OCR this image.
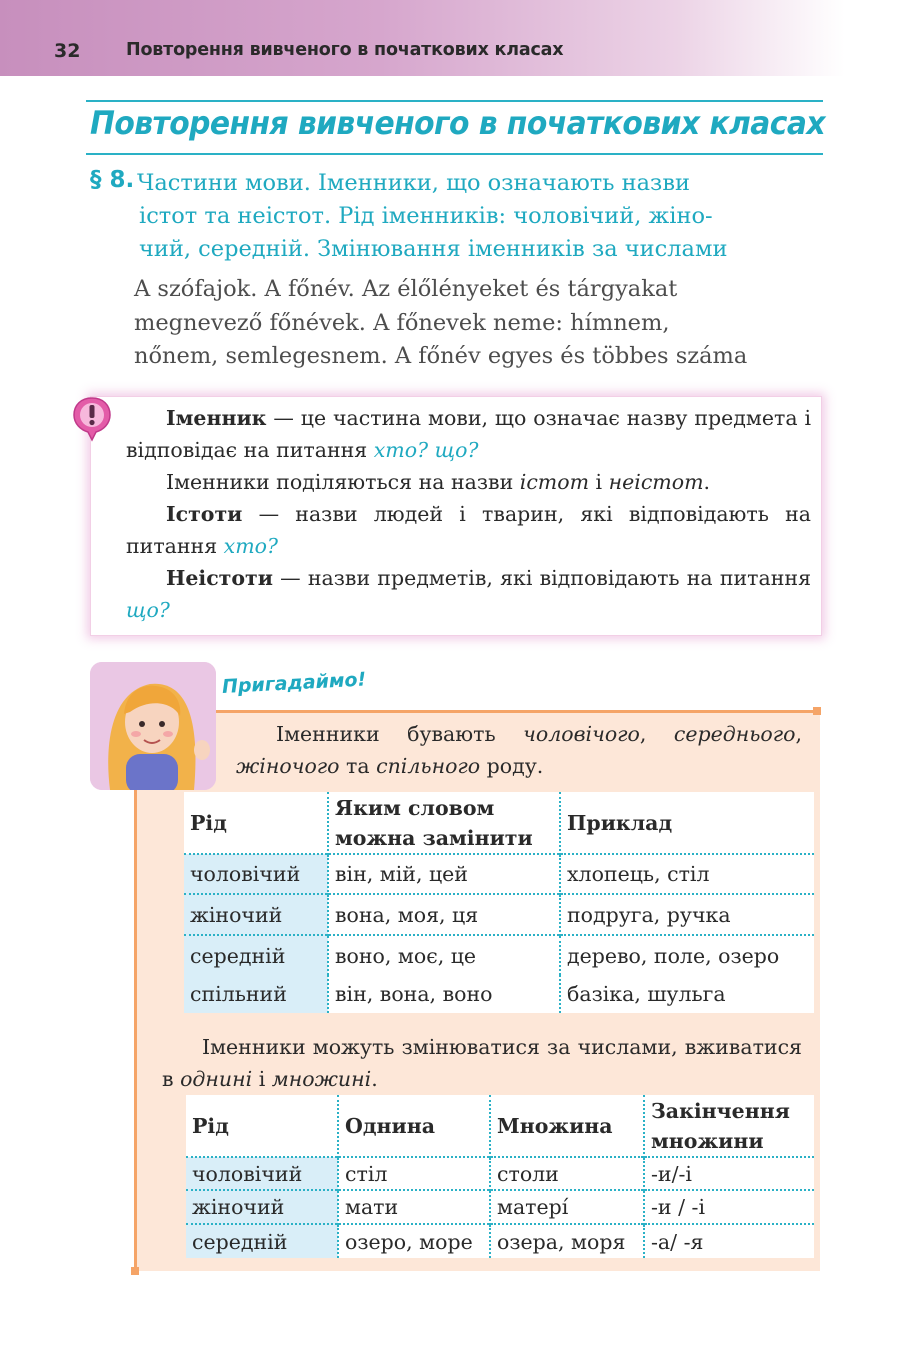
32	Повторення вивченого в початкових класах
Повторення вивченого в початкових класах
§ 8. Частини мови. Іменники, що означають назви
істот та неістот. Рід іменників: чоловічий, жіно-
чий, середній. Змінювання іменників за числами
A szófajok. A főnév. Az élőlényeket és tárgyakat
megnevező főnévek. A főnevek neme: hímnem,
nőnem, semlegesnem. A főnév egyes és többes száma

Іменник — це частина мови, що означає назву предмета і відповідає на питання хто? що?

Іменники поділяються на назви істот і неістот.

Істоти — назви людей і тварин, які відповідають на питання хто?

Неістоти — назви предметів, які відповідають на питання що?

Пригадаймо!
Іменники бувають чоловічого, середнього, жіночого та спільного роду.
Рід	Яким словом можна замінити	Приклад
чоловічий	він, мій, цей	хлопець, стіл
жіночий	вона, моя, ця	подруга, ручка
середній	воно, моє, це	дерево, поле, озеро
спільний	він, вона, воно	базіка, шульга
Іменники можуть змінюватися за числами, вживатися в однині і множині.
Рід	Однина	Множина	Закінчення множини
чоловічий	стіл	столи	-и/-і
жіночий	мати	матері́	-и / -і
середній	озеро, море	озера, моря	-а/ -я
